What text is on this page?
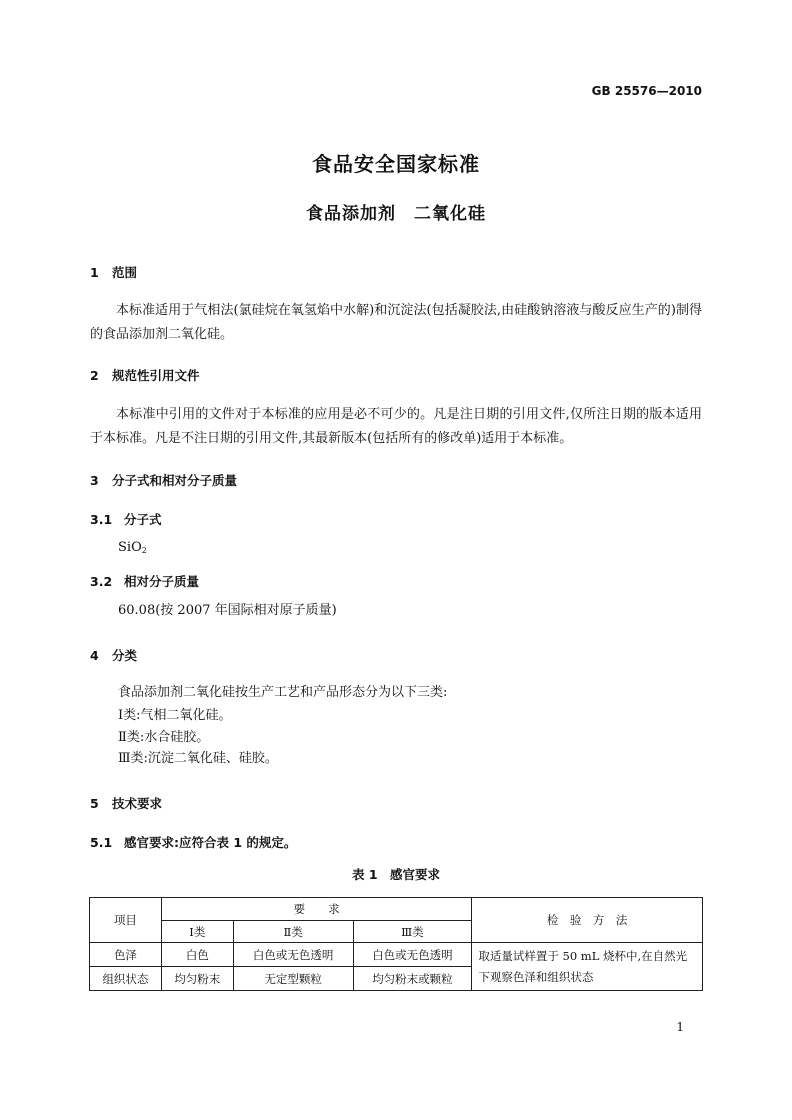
GB 25576—2010
食品安全国家标准
食品添加剂　二氧化硅
1 范围
本标准适用于气相法(氯硅烷在氧氢焰中水解)和沉淀法(包括凝胶法,由硅酸钠溶液与酸反应生产的)制得的食品添加剂二氧化硅。
2 规范性引用文件
本标准中引用的文件对于本标准的应用是必不可少的。凡是注日期的引用文件,仅所注日期的版本适用于本标准。凡是不注日期的引用文件,其最新版本(包括所有的修改单)适用于本标准。
3 分子式和相对分子质量
3.1 分子式
SiO$_2$
3.2 相对分子质量
60.08(按 2007 年国际相对原子质量)
4 分类
食品添加剂二氧化硅按生产工艺和产品形态分为以下三类:
Ⅰ类:气相二氧化硅。
Ⅱ类:水合硅胶。
Ⅲ类:沉淀二氧化硅、硅胶。
5 技术要求
5.1 感官要求:应符合表 1 的规定。
表 1　感官要求
项目	要　　求			检　验　方　法
	Ⅰ类	Ⅱ类	Ⅲ类	
色泽	白色	白色或无色透明	白色或无色透明	取适量试样置于 50 mL 烧杯中,在自然光下观察色泽和组织状态
组织状态	均匀粉末	无定型颗粒	均匀粉末或颗粒	
1
